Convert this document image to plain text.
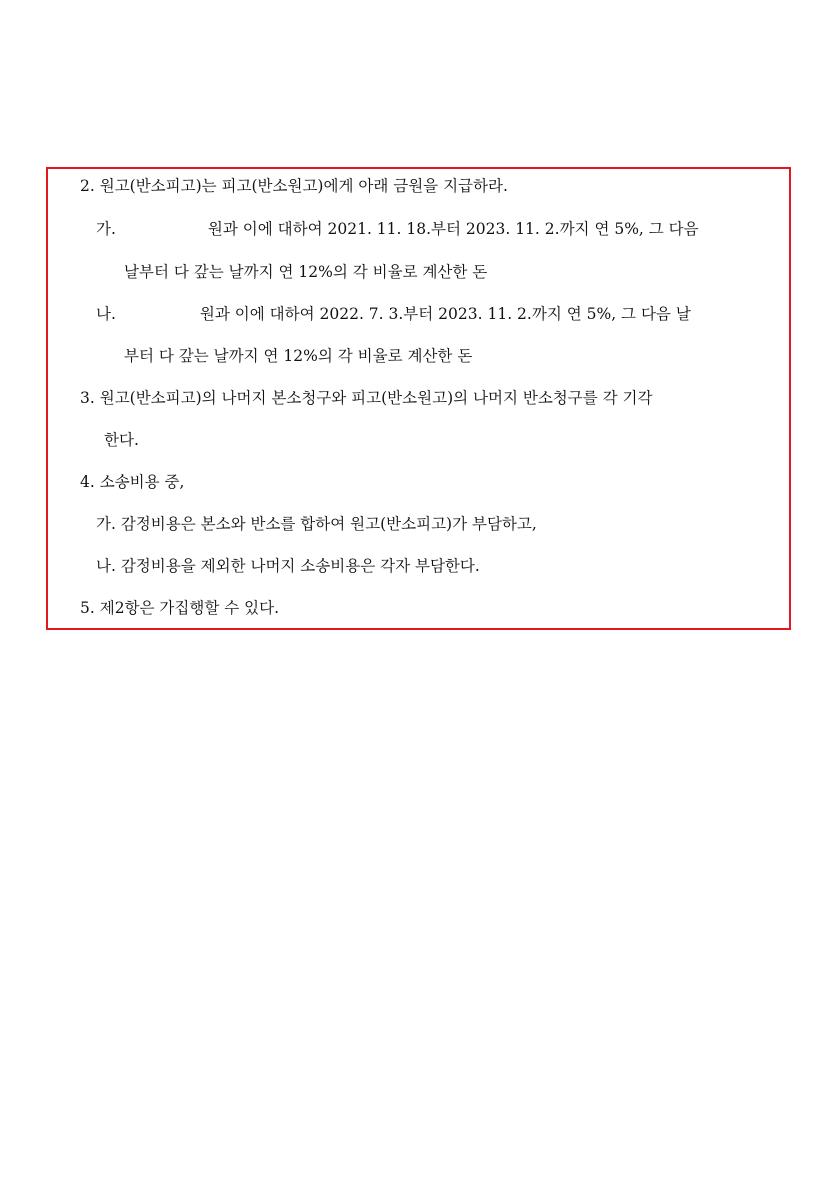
2. 원고(반소피고)는 피고(반소원고)에게 아래 금원을 지급하라.
가.	원과 이에 대하여 2021. 11. 18.부터 2023. 11. 2.까지 연 5%, 그 다음
날부터 다 갚는 날까지 연 12%의 각 비율로 계산한 돈
나.	원과 이에 대하여 2022. 7. 3.부터 2023. 11. 2.까지 연 5%, 그 다음 날
부터 다 갚는 날까지 연 12%의 각 비율로 계산한 돈
3. 원고(반소피고)의 나머지 본소청구와 피고(반소원고)의 나머지 반소청구를 각 기각
한다.
4. 소송비용 중,
가. 감정비용은 본소와 반소를 합하여 원고(반소피고)가 부담하고,
나. 감정비용을 제외한 나머지 소송비용은 각자 부담한다.
5. 제2항은 가집행할 수 있다.
